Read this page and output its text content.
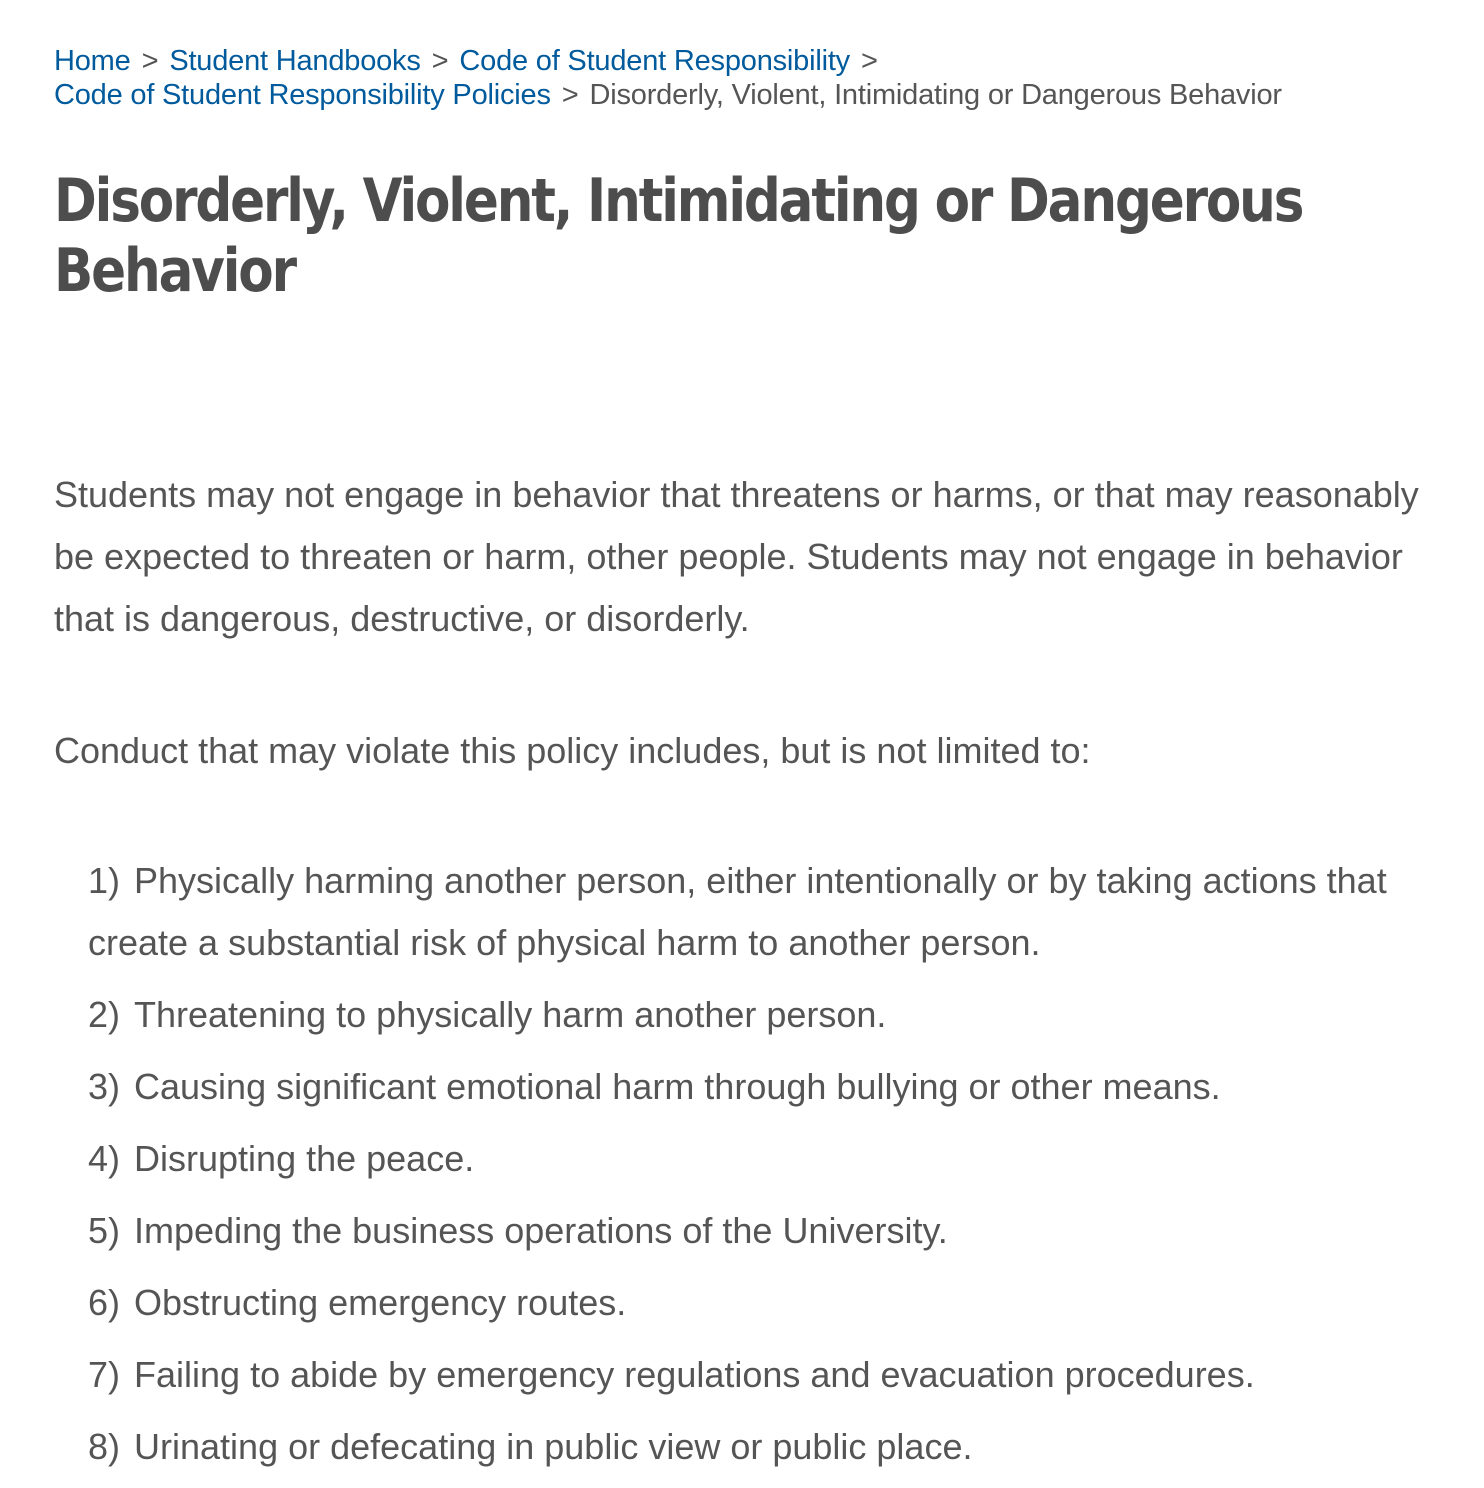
Home > Student Handbooks > Code of Student Responsibility >
Code of Student Responsibility Policies > Disorderly, Violent, Intimidating or Dangerous Behavior
Disorderly, Violent, Intimidating or Dangerous Behavior

Students may not engage in behavior that threatens or harms, or that may reasonably be expected to threaten or harm, other people. Students may not engage in behavior that is dangerous, destructive, or disorderly.

Conduct that may violate this policy includes, but is not limited to:

1) Physically harming another person, either intentionally or by taking actions that create a substantial risk of physical harm to another person.
2) Threatening to physically harm another person.
3) Causing significant emotional harm through bullying or other means.
4) Disrupting the peace.
5) Impeding the business operations of the University.
6) Obstructing emergency routes.
7) Failing to abide by emergency regulations and evacuation procedures.
8) Urinating or defecating in public view or public place.
